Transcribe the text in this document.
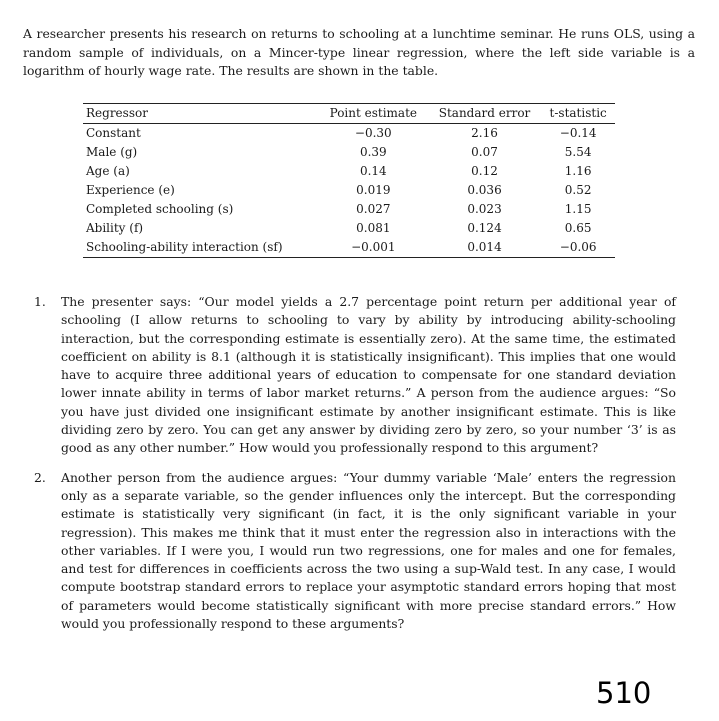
A researcher presents his research on returns to schooling at a lunchtime seminar. He runs OLS, using a random sample of individuals, on a Mincer-type linear regression, where the left side variable is a logarithm of hourly wage rate. The results are shown in the table.

Regressor	Point estimate	Standard error	t-statistic
Constant	−0.30	2.16	−0.14
Male (g)	0.39	0.07	5.54
Age (a)	0.14	0.12	1.16
Experience (e)	0.019	0.036	0.52
Completed schooling (s)	0.027	0.023	1.15
Ability (f)	0.081	0.124	0.65
Schooling-ability interaction (sf)	−0.001	0.014	−0.06
1. The presenter says: “Our model yields a 2.7 percentage point return per additional year of schooling (I allow returns to schooling to vary by ability by introducing ability-schooling interaction, but the corresponding estimate is essentially zero). At the same time, the estimated coefficient on ability is 8.1 (although it is statistically insignificant). This implies that one would have to acquire three additional years of education to compensate for one standard deviation lower innate ability in terms of labor market returns.” A person from the audience argues: “So you have just divided one insignificant estimate by another insignificant estimate. This is like dividing zero by zero. You can get any answer by dividing zero by zero, so your number ‘3’ is as good as any other number.” How would you professionally respond to this argument?
2. Another person from the audience argues: “Your dummy variable ‘Male’ enters the regression only as a separate variable, so the gender influences only the intercept. But the corresponding estimate is statistically very significant (in fact, it is the only significant variable in your regression). This makes me think that it must enter the regression also in interactions with the other variables. If I were you, I would run two regressions, one for males and one for females, and test for differences in coefficients across the two using a sup-Wald test. In any case, I would compute bootstrap standard errors to replace your asymptotic standard errors hoping that most of parameters would become statistically significant with more precise standard errors.” How would you professionally respond to these arguments?
510
